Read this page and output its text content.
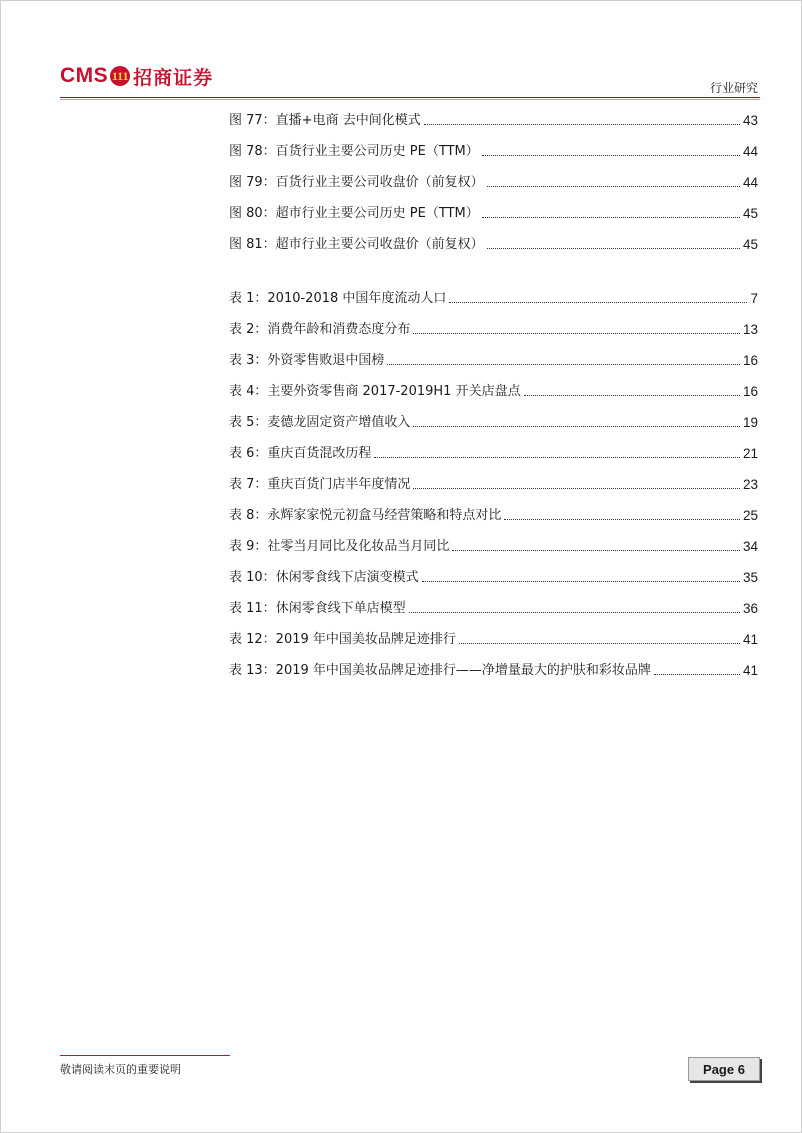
CMS 111 招商证券	行业研究
图 77：直播+电商 去中间化模式	43
图 78：百货行业主要公司历史 PE（TTM）	44
图 79：百货行业主要公司收盘价（前复权）	44
图 80：超市行业主要公司历史 PE（TTM）	45
图 81：超市行业主要公司收盘价（前复权）	45
表 1：2010-2018 中国年度流动人口	7
表 2：消费年龄和消费态度分布	13
表 3：外资零售败退中国榜	16
表 4：主要外资零售商 2017-2019H1 开关店盘点	16
表 5：麦德龙固定资产增值收入	19
表 6：重庆百货混改历程	21
表 7：重庆百货门店半年度情况	23
表 8：永辉家家悦元初盒马经营策略和特点对比	25
表 9：社零当月同比及化妆品当月同比	34
表 10：休闲零食线下店演变模式	35
表 11：休闲零食线下单店模型	36
表 12：2019 年中国美妆品牌足迹排行	41
表 13：2019 年中国美妆品牌足迹排行——净增量最大的护肤和彩妆品牌	41
敬请阅读末页的重要说明	Page 6
